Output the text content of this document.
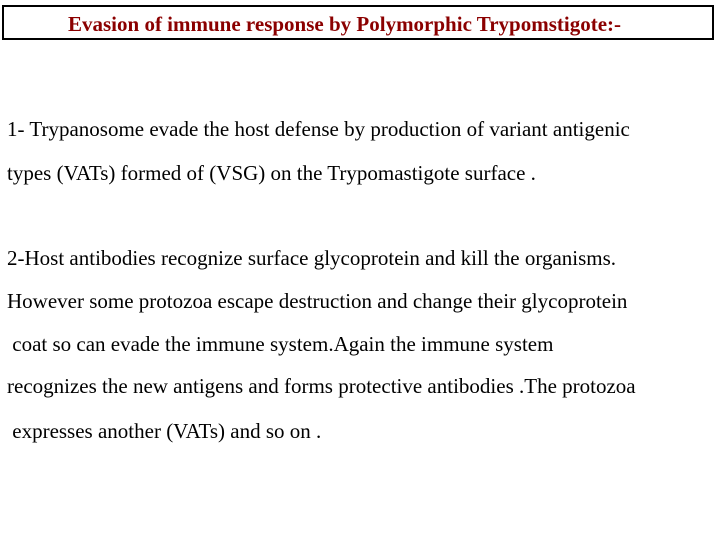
Evasion of immune response by Polymorphic Trypomstigote:-
1- Trypanosome evade the host defense by production of variant antigenic
types (VATs) formed of (VSG) on the Trypomastigote surface .
2-Host antibodies recognize surface glycoprotein and kill the organisms.
However some protozoa escape destruction and change their glycoprotein
coat so can evade the immune system.Again the immune system
recognizes the new antigens and forms protective antibodies .The protozoa
expresses another (VATs) and so on .
